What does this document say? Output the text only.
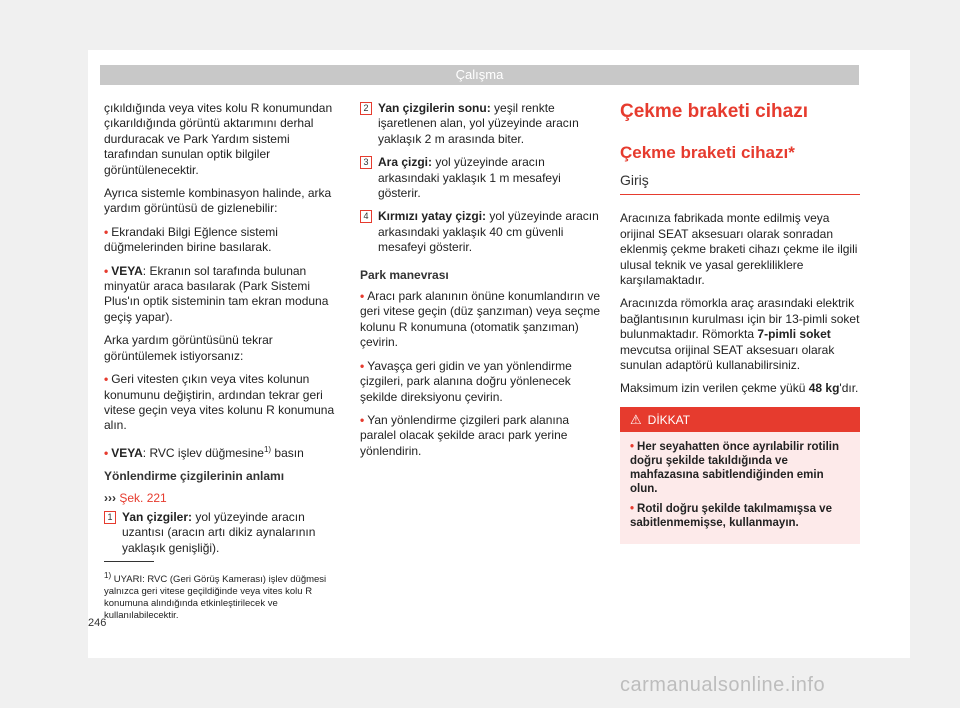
Çalışma

çıkıldığında veya vites kolu R konumundan çıkarıldığında görüntü aktarımını derhal durduracak ve Park Yardım sistemi tarafından sunulan optik bilgiler görüntülenecektir.

Ayrıca sistemle kombinasyon halinde, arka yardım görüntüsü de gizlenebilir:

• Ekrandaki Bilgi Eğlence sistemi düğmelerinden birine basılarak.

• VEYA: Ekranın sol tarafında bulunan minyatür araca basılarak (Park Sistemi Plus'ın optik sisteminin tam ekran moduna geçiş yapar).

Arka yardım görüntüsünü tekrar görüntülemek istiyorsanız:

• Geri vitesten çıkın veya vites kolunun konumunu değiştirin, ardından tekrar geri vitese geçin veya vites kolunu R konumuna alın.

• VEYA: RVC işlev düğmesine$^{1)}$ basın

Yönlendirme çizgilerinin anlamı
››› Şek. 221
1 Yan çizgiler: yol yüzeyinde aracın uzantısı (aracın artı dikiz aynalarının yaklaşık genişliği).
2 Yan çizgilerin sonu: yeşil renkte işaretlenen alan, yol yüzeyinde aracın yaklaşık 2 m arasında biter.
3 Ara çizgi: yol yüzeyinde aracın arkasındaki yaklaşık 1 m mesafeyi gösterir.
4 Kırmızı yatay çizgi: yol yüzeyinde aracın arkasındaki yaklaşık 40 cm güvenli mesafeyi gösterir.
Park manevrası

• Aracı park alanının önüne konumlandırın ve geri vitese geçin (düz şanzıman) veya seçme kolunu R konumuna (otomatik şanzıman) çevirin.

• Yavaşça geri gidin ve yan yönlendirme çizgileri, park alanına doğru yönlenecek şekilde direksiyonu çevirin.

• Yan yönlendirme çizgileri park alanına paralel olacak şekilde aracı park yerine yönlendirin.

Çekme braketi cihazı
Çekme braketi cihazı*
Giriş

Aracınıza fabrikada monte edilmiş veya orijinal SEAT aksesuarı olarak sonradan eklenmiş çekme braketi cihazı çekme ile ilgili ulusal teknik ve yasal gerekliliklere karşılamaktadır.

Aracınızda römorkla araç arasındaki elektrik bağlantısının kurulması için bir 13-pimli soket bulunmaktadır. Römorkta 7-pimli soket mevcutsa orijinal SEAT aksesuarı olarak sunulan adaptörü kullanabilirsiniz.

Maksimum izin verilen çekme yükü 48 kg'dır.

⚠ DİKKAT

• Her seyahatten önce ayrılabilir rotilin doğru şekilde takıldığında ve mahfazasına sabitlendiğinden emin olun.

• Rotil doğru şekilde takılmamışsa ve sabitlenmemişse, kullanmayın.

$^{1)}$ UYARI: RVC (Geri Görüş Kamerası) işlev düğmesi yalnızca geri vitese geçildiğinde veya vites kolu R konumuna alındığında etkinleştirilecek ve kullanılabilecektir.
246
carmanualsonline.info
